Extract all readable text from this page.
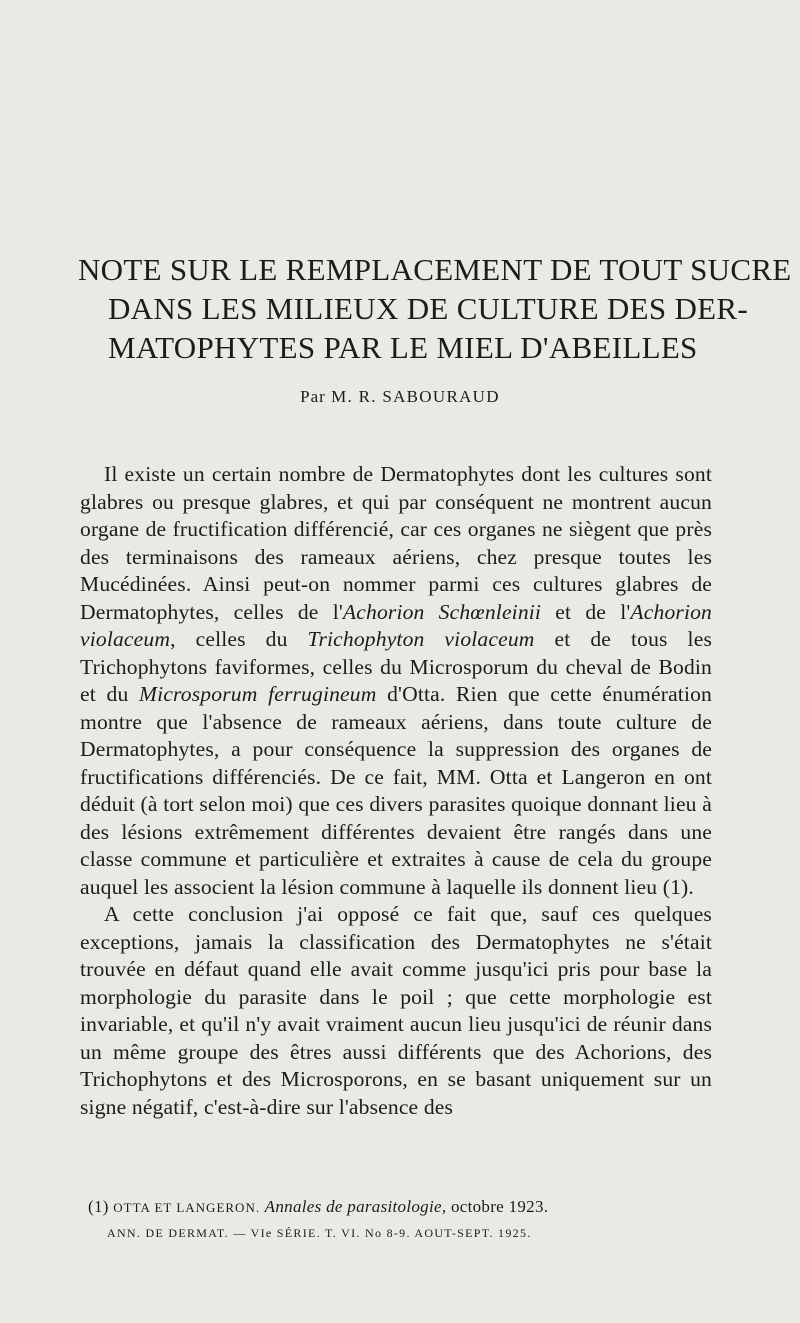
NOTE SUR LE REMPLACEMENT DE TOUT SUCRE
DANS LES MILIEUX DE CULTURE DES DER-
MATOPHYTES PAR LE MIEL D'ABEILLES
Par M. R. SABOURAUD

Il existe un certain nombre de Dermatophytes dont les cultures sont glabres ou presque glabres, et qui par conséquent ne montrent aucun organe de fructification différencié, car ces organes ne siègent que près des terminaisons des rameaux aériens, chez presque toutes les Mucédinées. Ainsi peut-on nommer parmi ces cultures glabres de Dermatophytes, celles de l'Achorion Schœnleinii et de l'Achorion violaceum, celles du Trichophyton violaceum et de tous les Trichophytons faviformes, celles du Microsporum du cheval de Bodin et du Microsporum ferrugineum d'Otta. Rien que cette énumération montre que l'absence de rameaux aériens, dans toute culture de Dermatophytes, a pour conséquence la suppression des organes de fructifications différenciés. De ce fait, MM. Otta et Langeron en ont déduit (à tort selon moi) que ces divers parasites quoique donnant lieu à des lésions extrêmement différentes devaient être rangés dans une classe commune et particulière et extraites à cause de cela du groupe auquel les associent la lésion commune à laquelle ils donnent lieu (1).

A cette conclusion j'ai opposé ce fait que, sauf ces quelques exceptions, jamais la classification des Dermatophytes ne s'était trouvée en défaut quand elle avait comme jusqu'ici pris pour base la morphologie du parasite dans le poil ; que cette morphologie est invariable, et qu'il n'y avait vraiment aucun lieu jusqu'ici de réunir dans un même groupe des êtres aussi différents que des Achorions, des Trichophytons et des Microsporons, en se basant uniquement sur un signe négatif, c'est-à-dire sur l'absence des

(1) OTTA ET LANGERON. Annales de parasitologie, octobre 1923.
ANN. DE DERMAT. — VIe SÉRIE. T. VI. No 8-9. AOUT-SEPT. 1925.
